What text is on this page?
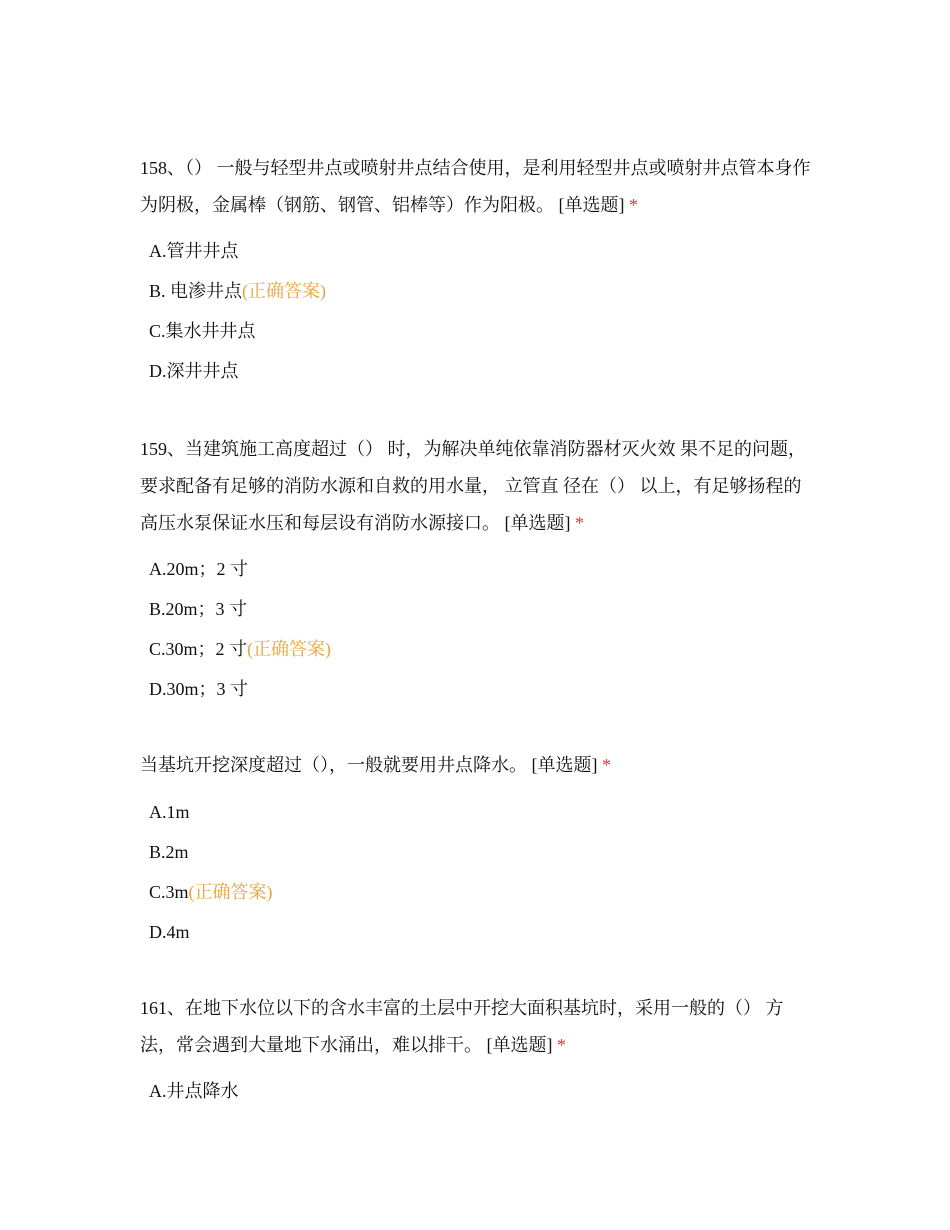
158、（） 一般与轻型井点或喷射井点结合使用，是利用轻型井点或喷射井点管本身作为阴极，金属棒（钢筋、钢管、铝棒等）作为阳极。 [单选题] *

A.管井井点
B. 电渗井点(正确答案)
C.集水井井点
D.深井井点

159、当建筑施工高度超过（） 时，为解决单纯依靠消防器材灭火效 果不足的问题，要求配备有足够的消防水源和自救的用水量， 立管直 径在（） 以上，有足够扬程的高压水泵保证水压和每层设有消防水源接口。 [单选题] *

A.20m；2 寸
B.20m；3 寸
C.30m；2 寸(正确答案)
D.30m；3 寸

当基坑开挖深度超过（），一般就要用井点降水。 [单选题] *

A.1m
B.2m
C.3m(正确答案)
D.4m

161、在地下水位以下的含水丰富的土层中开挖大面积基坑时，采用一般的（） 方法，常会遇到大量地下水涌出，难以排干。 [单选题] *

A.井点降水
